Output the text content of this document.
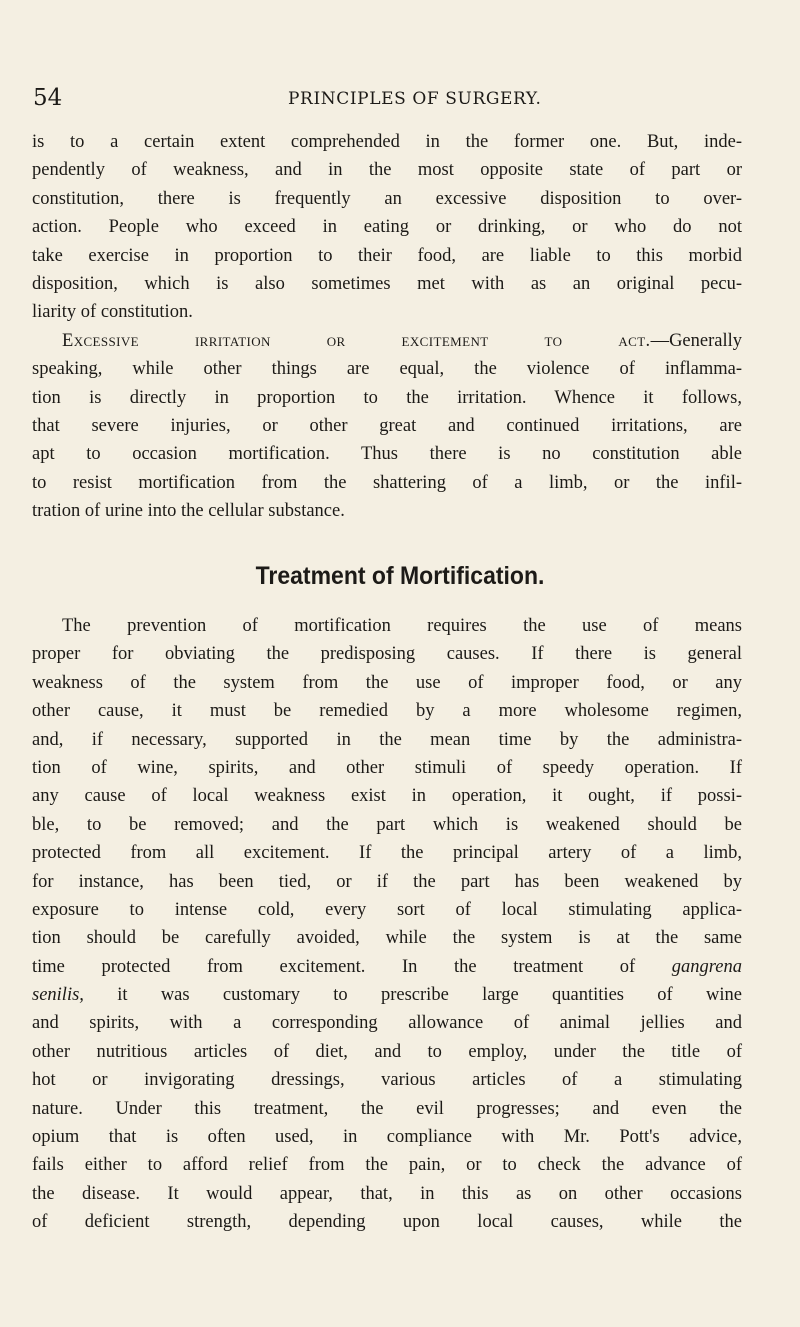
54	PRINCIPLES OF SURGERY.
is to a certain extent comprehended in the former one. But, inde-
pendently of weakness, and in the most opposite state of part or
constitution, there is frequently an excessive disposition to over-
action. People who exceed in eating or drinking, or who do not
take exercise in proportion to their food, are liable to this morbid
disposition, which is also sometimes met with as an original pecu-
liarity of constitution.
Excessive irritation or excitement to act.—Generally
speaking, while other things are equal, the violence of inflamma-
tion is directly in proportion to the irritation. Whence it follows,
that severe injuries, or other great and continued irritations, are
apt to occasion mortification. Thus there is no constitution able
to resist mortification from the shattering of a limb, or the infil-
tration of urine into the cellular substance.
Treatment of Mortification.
The prevention of mortification requires the use of means
proper for obviating the predisposing causes. If there is general
weakness of the system from the use of improper food, or any
other cause, it must be remedied by a more wholesome regimen,
and, if necessary, supported in the mean time by the administra-
tion of wine, spirits, and other stimuli of speedy operation. If
any cause of local weakness exist in operation, it ought, if possi-
ble, to be removed; and the part which is weakened should be
protected from all excitement. If the principal artery of a limb,
for instance, has been tied, or if the part has been weakened by
exposure to intense cold, every sort of local stimulating applica-
tion should be carefully avoided, while the system is at the same
time protected from excitement. In the treatment of gangrena
senilis, it was customary to prescribe large quantities of wine
and spirits, with a corresponding allowance of animal jellies and
other nutritious articles of diet, and to employ, under the title of
hot or invigorating dressings, various articles of a stimulating
nature. Under this treatment, the evil progresses; and even the
opium that is often used, in compliance with Mr. Pott's advice,
fails either to afford relief from the pain, or to check the advance of
the disease. It would appear, that, in this as on other occasions
of deficient strength, depending upon local causes, while the
